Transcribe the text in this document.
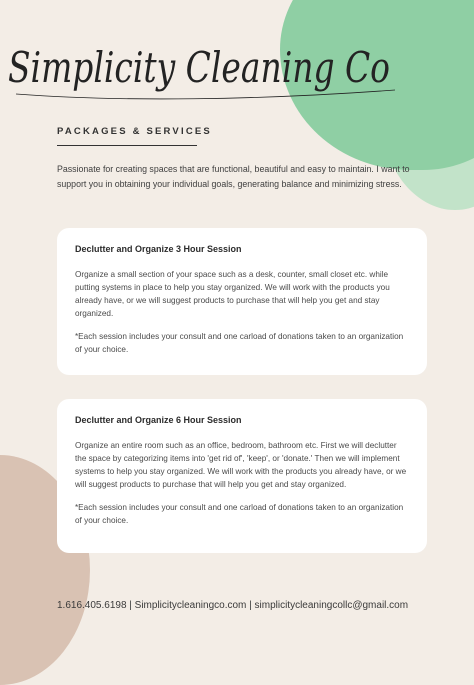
Simplicity Cleaning Co
PACKAGES & SERVICES
Passionate for creating spaces that are functional, beautiful and easy to maintain. I want to support you in obtaining your individual goals, generating balance and minimizing stress.
Declutter and Organize 3 Hour Session

Organize a small section of your space such as a desk, counter, small closet etc. while putting systems in place to help you stay organized. We will work with the products you already have, or we will suggest products to purchase that will help you get and stay organized.

*Each session includes your consult and one carload of donations taken to an organization of your choice.

Declutter and Organize 6 Hour Session

Organize an entire room such as an office, bedroom, bathroom etc. First we will declutter the space by categorizing items into 'get rid of', 'keep', or 'donate.' Then we will implement systems to help you stay organized. We will work with the products you already have, or we will suggest products to purchase that will help you get and stay organized.

*Each session includes your consult and one carload of donations taken to an organization of your choice.

1.616.405.6198 | Simplicitycleaningco.com | simplicitycleaningcollc@gmail.com
